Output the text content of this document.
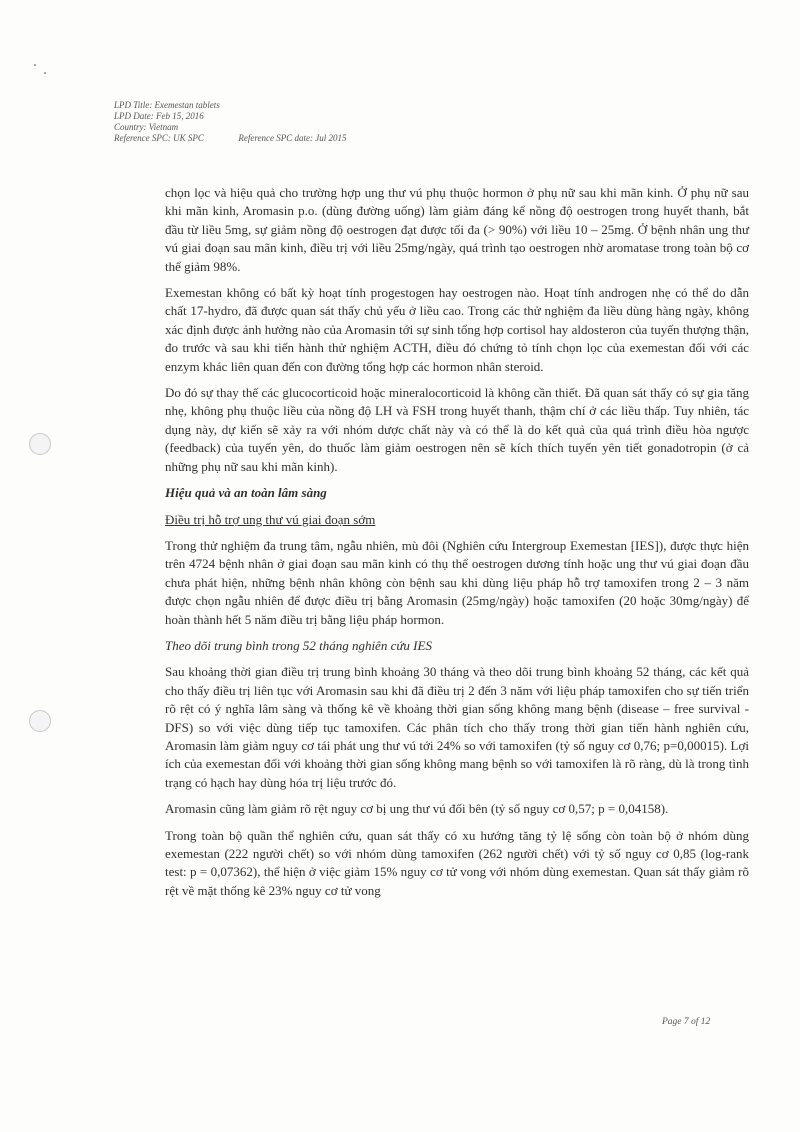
LPD Title: Exemestan tablets
LPD Date: Feb 15, 2016
Country: Vietnam
Reference SPC: UK SPC	Reference SPC date: Jul 2015

chọn lọc và hiệu quả cho trường hợp ung thư vú phụ thuộc hormon ở phụ nữ sau khi mãn kinh. Ở phụ nữ sau khi mãn kinh, Aromasin p.o. (dùng đường uống) làm giảm đáng kể nồng độ oestrogen trong huyết thanh, bắt đầu từ liều 5mg, sự giảm nồng độ oestrogen đạt được tối đa (> 90%) với liều 10 – 25mg. Ở bệnh nhân ung thư vú giai đoạn sau mãn kinh, điều trị với liều 25mg/ngày, quá trình tạo oestrogen nhờ aromatase trong toàn bộ cơ thể giảm 98%.

Exemestan không có bất kỳ hoạt tính progestogen hay oestrogen nào. Hoạt tính androgen nhẹ có thể do dẫn chất 17-hydro, đã được quan sát thấy chủ yếu ở liều cao. Trong các thử nghiệm đa liều dùng hàng ngày, không xác định được ảnh hưởng nào của Aromasin tới sự sinh tổng hợp cortisol hay aldosteron của tuyến thượng thận, đo trước và sau khi tiến hành thử nghiệm ACTH, điều đó chứng tỏ tính chọn lọc của exemestan đối với các enzym khác liên quan đến con đường tổng hợp các hormon nhân steroid.

Do đó sự thay thế các glucocorticoid hoặc mineralocorticoid là không cần thiết. Đã quan sát thấy có sự gia tăng nhẹ, không phụ thuộc liều của nồng độ LH và FSH trong huyết thanh, thậm chí ở các liều thấp. Tuy nhiên, tác dụng này, dự kiến sẽ xảy ra với nhóm dược chất này và có thể là do kết quả của quá trình điều hòa ngược (feedback) của tuyến yên, do thuốc làm giảm oestrogen nên sẽ kích thích tuyến yên tiết gonadotropin (ở cả những phụ nữ sau khi mãn kinh).

Hiệu quả và an toàn lâm sàng

Điều trị hỗ trợ ung thư vú giai đoạn sớm

Trong thử nghiệm đa trung tâm, ngẫu nhiên, mù đôi (Nghiên cứu Intergroup Exemestan [IES]), được thực hiện trên 4724 bệnh nhân ở giai đoạn sau mãn kinh có thụ thể oestrogen dương tính hoặc ung thư vú giai đoạn đầu chưa phát hiện, những bệnh nhân không còn bệnh sau khi dùng liệu pháp hỗ trợ tamoxifen trong 2 – 3 năm được chọn ngẫu nhiên để được điều trị bằng Aromasin (25mg/ngày) hoặc tamoxifen (20 hoặc 30mg/ngày) để hoàn thành hết 5 năm điều trị bằng liệu pháp hormon.

Theo dõi trung bình trong 52 tháng nghiên cứu IES

Sau khoảng thời gian điều trị trung bình khoảng 30 tháng và theo dõi trung bình khoảng 52 tháng, các kết quả cho thấy điều trị liên tục với Aromasin sau khi đã điều trị 2 đến 3 năm với liệu pháp tamoxifen cho sự tiến triển rõ rệt có ý nghĩa lâm sàng và thống kê về khoảng thời gian sống không mang bệnh (disease – free survival - DFS) so với việc dùng tiếp tục tamoxifen. Các phân tích cho thấy trong thời gian tiến hành nghiên cứu, Aromasin làm giảm nguy cơ tái phát ung thư vú tới 24% so với tamoxifen (tỷ số nguy cơ 0,76; p=0,00015). Lợi ích của exemestan đối với khoảng thời gian sống không mang bệnh so với tamoxifen là rõ ràng, dù là trong tình trạng có hạch hay dùng hóa trị liệu trước đó.

Aromasin cũng làm giảm rõ rệt nguy cơ bị ung thư vú đối bên (tỷ số nguy cơ 0,57; p = 0,04158).

Trong toàn bộ quần thể nghiên cứu, quan sát thấy có xu hướng tăng tỷ lệ sống còn toàn bộ ở nhóm dùng exemestan (222 người chết) so với nhóm dùng tamoxifen (262 người chết) với tỷ số nguy cơ 0,85 (log-rank test: p = 0,07362), thể hiện ở việc giảm 15% nguy cơ tử vong với nhóm dùng exemestan. Quan sát thấy giảm rõ rệt về mặt thống kê 23% nguy cơ tử vong

Page 7 of 12
